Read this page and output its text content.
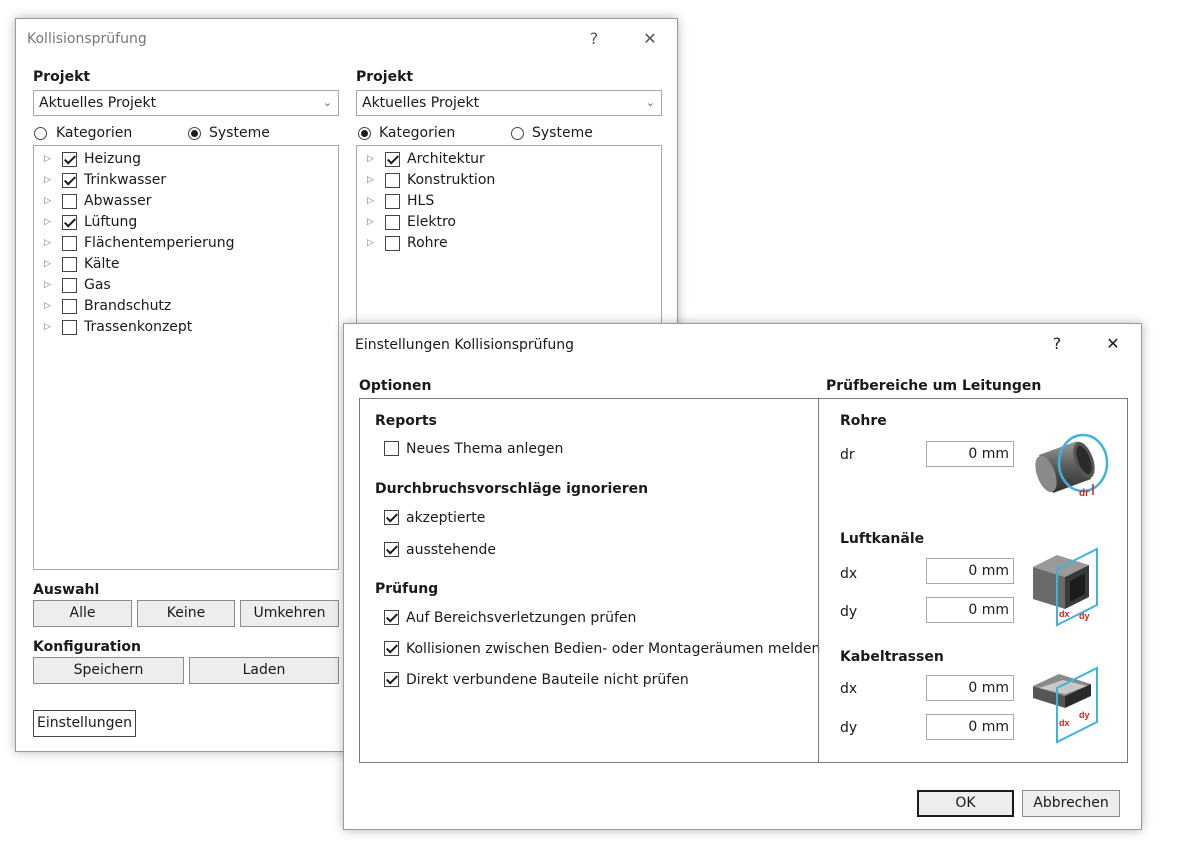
Kollisionsprüfung	?	✕
Projekt
Aktuelles Projekt	⌄
Kategorien	Systeme
▷ Heizung
▷ Trinkwasser
▷ Abwasser
▷ Lüftung
▷ Flächentemperierung
▷ Kälte
▷ Gas
▷ Brandschutz
▷ Trassenkonzept
Projekt
Aktuelles Projekt	⌄
Kategorien	Systeme
▷ Architektur
▷ Konstruktion
▷ HLS
▷ Elektro
▷ Rohre
Auswahl
Alle	Keine	Umkehren
Konfiguration
Speichern	Laden
Einstellungen
Einstellungen Kollisionsprüfung	?	✕
Optionen	Prüfbereiche um Leitungen
Reports
Neues Thema anlegen
Durchbruchsvorschläge ignorieren
akzeptierte
ausstehende
Prüfung
Auf Bereichsverletzungen prüfen
Kollisionen zwischen Bedien- oder Montageräumen melden
Direkt verbundene Bauteile nicht prüfen
Rohre
dr	0 mm
dr
Luftkanäle
dx	0 mm
dy	0 mm	dx dy
Kabeltrassen
dx	0 mm
dy	0 mm	dx
dy
OK	Abbrechen
